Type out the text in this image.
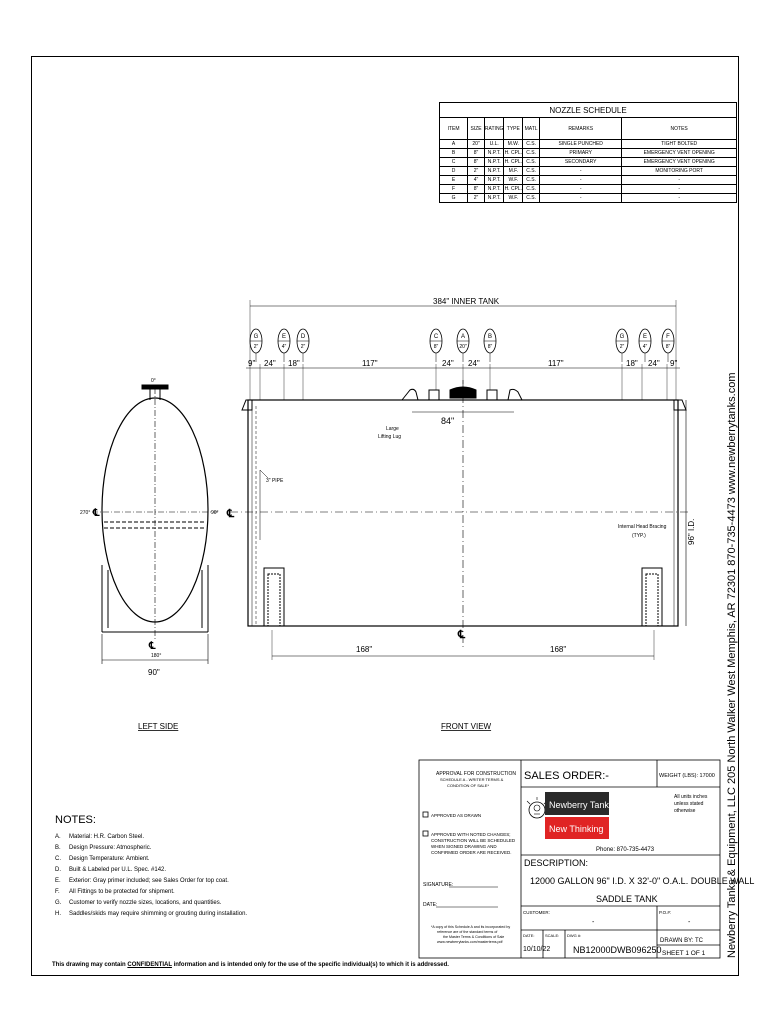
NOZZLE SCHEDULE						
ITEM	SIZE	RATING	TYPE	MATL	REMARKS	NOTES
A	20"	U.L.	M.W.	C.S.	SINGLE PUNCHED	TIGHT BOLTED
B	8"	N.P.T.	H. CPL.	C.S.	PRIMARY	EMERGENCY VENT OPENING
C	8"	N.P.T.	H. CPL.	C.S.	SECONDARY	EMERGENCY VENT OPENING
D	2"	N.P.T.	M.F.	C.S.	-	MONITORING PORT
E	4"	N.P.T.	W.F.	C.S.	-	-
F	8"	N.P.T.	H. CPL.	C.S.	-	-
G	2"	N.P.T.	W.F.	C.S.	-	-
0°
270°	90°
180°
℄
℄
90"
LEFT SIDE
G
2"
E
4"
D
2"
C
8"
A
20"
B
8"
G
2"
E
4"
F
8"
384" INNER TANK
9" 24" 18"	117"	24" 24"	117"	18" 24" 9"
84"
Large
Lifting Lug
3" PIPE
Internal Head Bracing
(TYP.)	96" I.D.
168"	168"
℄
℄
FRONT VIEW
APPROVAL FOR CONSTRUCTION
SCHEDULE A - WRITER TERMS &
CONDITION OF SALE*
APPROVED AS DRAWN
APPROVED WITH NOTED CHANGES;
CONSTRUCTION WILL BE SCHEDULED
WHEN SIGNED DRAWING AND
CONFIRMED ORDER ARE RECEIVED.
SIGNATURE:
DATE:
*A copy of this Schedule A and its incorporated by
reference are of the standard terms of
the Master Terms & Conditions of Sale
www.newberrytanks.com/mastertems.pdf
SALES ORDER:-	WEIGHT (LBS): 17000
All units inches
unless stated
otherwise
Newberry Tanks
New Thinking
Phone: 870-735-4473
DESCRIPTION:
12000 GALLON 96" I.D. X 32'-0" O.A.L. DOUBLE WALL
SADDLE TANK
CUSTOMER:
-
P.O.#:
-
DATE:
10/10/22
SCALE: DWG #:
NB12000DWB096250
DRAWN BY: TC
SHEET 1 OF 1 Newberry Tanks & Equipment, LLC 205 North Walker West Memphis, AR 72301 870-735-4473 www.newberrytanks.com
NOTES:
A. Material: H.R. Carbon Steel.
B. Design Pressure: Atmospheric.
C. Design Temperature: Ambient.
D. Built & Labeled per U.L. Spec. #142.
E. Exterior: Gray primer included; see Sales Order for top coat.
F. All Fittings to be protected for shipment.
G. Customer to verify nozzle sizes, locations, and quantities.
H. Saddles/skids may require shimming or grouting during installation.
This drawing may contain CONFIDENTIAL information and is intended only for the use of the specific individual(s) to which it is addressed.
